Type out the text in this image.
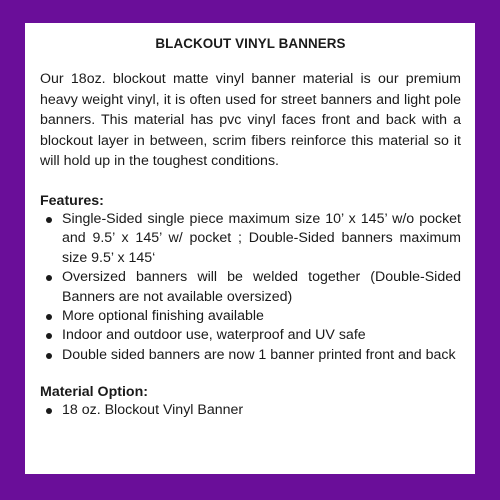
BLACKOUT VINYL BANNERS

Our 18oz. blockout matte vinyl banner material is our premium heavy weight vinyl, it is often used for street banners and light pole banners. This material has pvc vinyl faces front and back with a blockout layer in between, scrim fibers reinforce this material so it will hold up in the toughest conditions.

Features:
Single-Sided single piece maximum size 10’ x 145’ w/o pocket and 9.5’ x 145’ w/ pocket ; Double-Sided banners maximum size 9.5’ x 145‘
Oversized banners will be welded together (Double-Sided Banners are not available oversized)
More optional finishing available
Indoor and outdoor use, waterproof and UV safe
Double sided banners are now 1 banner printed front and back
Material Option:
18 oz. Blockout Vinyl Banner
